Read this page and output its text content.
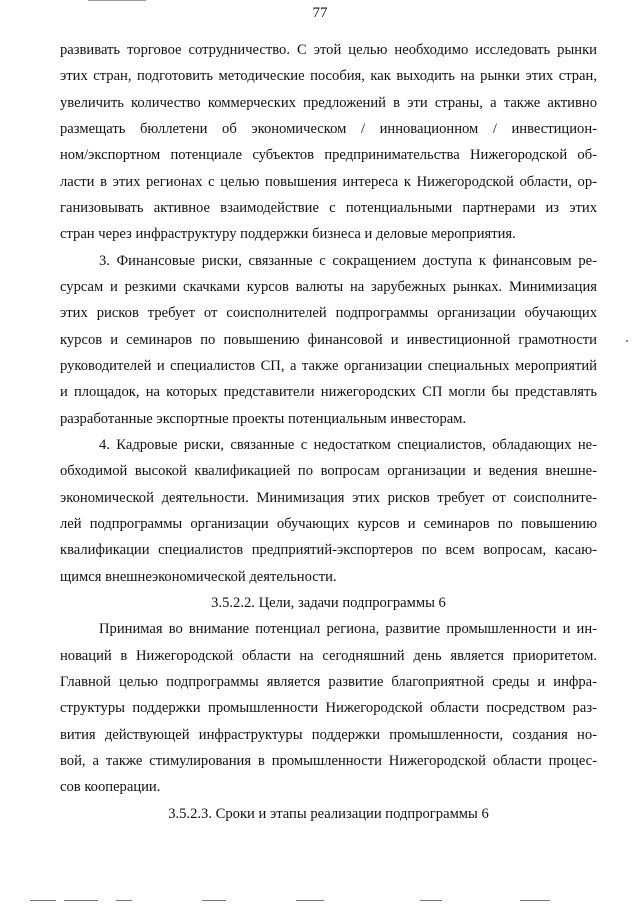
77
развивать торговое сотрудничество. С этой целью необходимо исследовать рынки
этих стран, подготовить методические пособия, как выходить на рынки этих стран,
увеличить количество коммерческих предложений в эти страны, а также активно
размещать бюллетени об экономическом / инновационном / инвестицион-
ном/экспортном потенциале субъектов предпринимательства Нижегородской об-
ласти в этих регионах с целью повышения интереса к Нижегородской области, ор-
ганизовывать активное взаимодействие с потенциальными партнерами из этих
стран через инфраструктуру поддержки бизнеса и деловые мероприятия.
3. Финансовые риски, связанные с сокращением доступа к финансовым ре-
сурсам и резкими скачками курсов валюты на зарубежных рынках. Минимизация
этих рисков требует от соисполнителей подпрограммы организации обучающих
курсов и семинаров по повышению финансовой и инвестиционной грамотности
руководителей и специалистов СП, а также организации специальных мероприятий
и площадок, на которых представители нижегородских СП могли бы представлять
разработанные экспортные проекты потенциальным инвесторам.
4. Кадровые риски, связанные с недостатком специалистов, обладающих не-
обходимой высокой квалификацией по вопросам организации и ведения внешне-
экономической деятельности. Минимизация этих рисков требует от соисполните-
лей подпрограммы организации обучающих курсов и семинаров по повышению
квалификации специалистов предприятий-экспортеров по всем вопросам, касаю-
щимся внешнеэкономической деятельности.
3.5.2.2. Цели, задачи подпрограммы 6
Принимая во внимание потенциал региона, развитие промышленности и ин-
новаций в Нижегородской области на сегодняшний день является приоритетом.
Главной целью подпрограммы является развитие благоприятной среды и инфра-
структуры поддержки промышленности Нижегородской области посредством раз-
вития действующей инфраструктуры поддержки промышленности, создания но-
вой, а также стимулирования в промышленности Нижегородской области процес-
сов кооперации.
3.5.2.3. Сроки и этапы реализации подпрограммы 6
